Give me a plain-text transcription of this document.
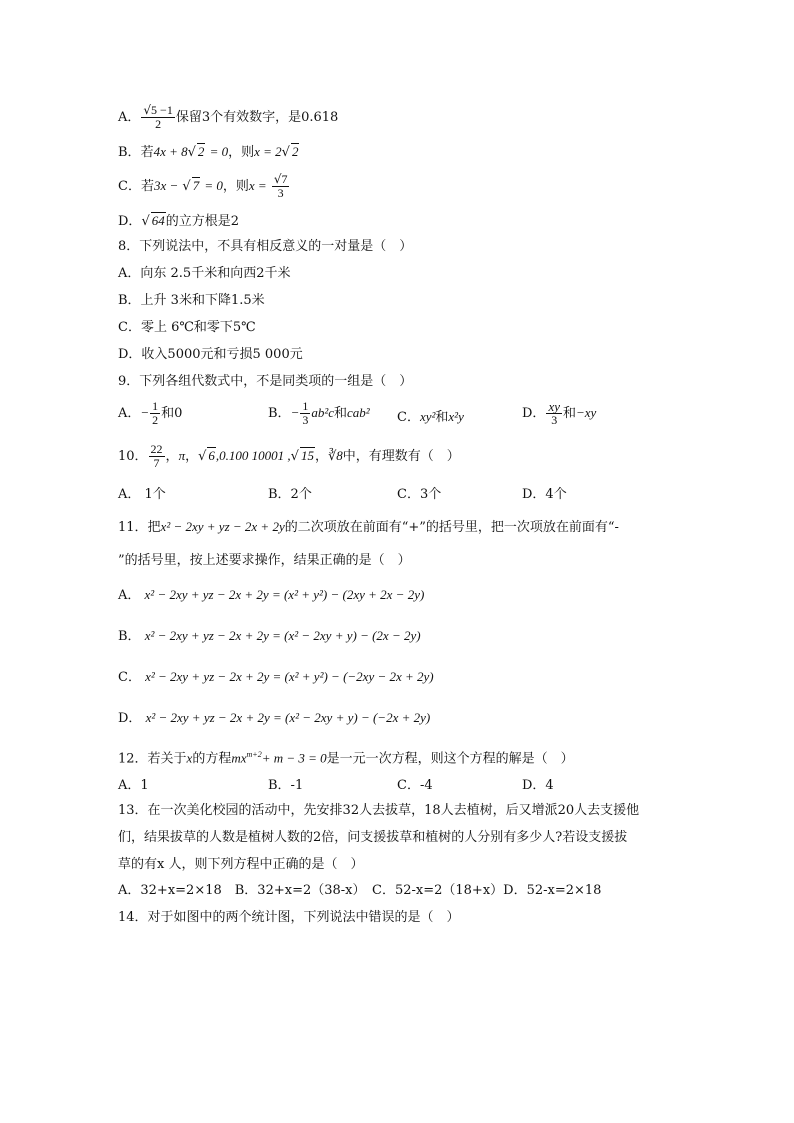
A． $\frac{√5 -1}{2}$ 保留3个有效数字，是0.618
B．若4x + 8√ 2 = 0，则x = 2√ 2
C．若3x − √ 7 = 0，则$x = \frac{√7}{3}$
D．√ 64的立方根是2
8．下列说法中，不具有相反意义的一对量是（　）
A．向东 2.5千米和向西2千米
B．上升 3米和下降1.5米
C．零上 6℃和零下5℃
D．收入5000元和亏损5 000元
9．下列各组代数式中，不是同类项的一组是（　）
A．− $\frac{1}{2}$ 和0	B．− $\frac{1}{3} ab^2c$和cab² C．xy²和x²y	D． $\frac{xy}{3}$ 和−xy
10． $\frac{22}{7}$ ，π，√ 6,0.100 10001 ,√ 15，∛8中，有理数有（　）
A． 1个	B．2个	C．3个	D．4个
11．把x² − 2xy + yz − 2x + 2y的二次项放在前面有“+”的括号里，把一次项放在前面有“-
”的括号里，按上述要求操作，结果正确的是（　）
A． x² − 2xy + yz − 2x + 2y = (x² + y²) − (2xy + 2x − 2y)
B． x² − 2xy + yz − 2x + 2y = (x² − 2xy + y) − (2x − 2y)
C． x² − 2xy + yz − 2x + 2y = (x² + y²) − (−2xy − 2x + 2y)
D． x² − 2xy + yz − 2x + 2y = (x² − 2xy + y) − (−2x + 2y)
12．若关于x的方程$mx^{m+2}+ m - 3 = 0$是一元一次方程，则这个方程的解是（　）
A．1	B．-1	C．-4	D．4
13．在一次美化校园的活动中，先安排32人去拔草，18人去植树，后又增派20人去支援他
们，结果拔草的人数是植树人数的2倍，问支援拔草和植树的人分别有多少人?若设支援拔
草的有x 人，则下列方程中正确的是（　）
A．32+x=2×18　B．32+x=2（38-x）　C．52-x=2（18+x）D．52-x=2×18
14．对于如图中的两个统计图，下列说法中错误的是（　）
